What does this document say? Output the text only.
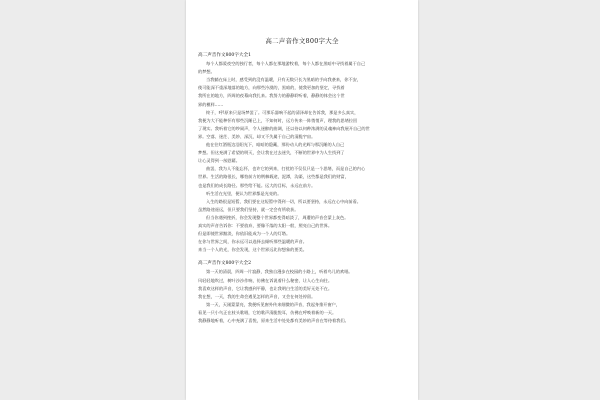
高二声音作文800字大全
高二声音作文800字大全1
每个人都爱夜空的独行者，每个人都在那地游牧着，每个人都在黑暗中寻找着属于自己
的梦想。
当我躺在床上时，感受到的没有温暖，只有无数只长为黑暗的手向我袭来，你不安，
使可能深不重深地落的地方，向那些冷漠的，黑暗的，使我更加的坚定，寻找着
我所在的地方，四周的夜幕向我扎来。我努力的静静聆听着，静静的体会这个世
界的模样……
终于，呼!原来只是场梦罢了。可那乐器响不起的清泽却在告诉我，那是多么真实，
我便为大不能种怀有那些沉睡已上，不知何时，远方传来一阵悄悄声，理我的思绪拉回
了现实。我听着它的吵闹声，令人迷醉的曲调，还以待以何种浓满的灵魂神向我展开自己的世
界。空落、迷茫、美妙、深沉，却又不失属于自己的清脆宇宙。
他在往红酒瓶边沿阳光下，暗暗的隐藏，那份动人的光辉与那沉睡的人自己
梦想。但这充满了希望的明灭，会让我在过去迷失，不断的世界中为人生找到了
让心灵得到一丝慰藉。
曲罢，我为人不能忘怀，也许它的到来，打扰的不仅仅只是一个思绪，而是自己的内心
世界。生活的路很长，哪怕前方的荆棘载途，泥潭，沟渠，这些都是我们的财富，
也是我们的成长路径。那些给不能。远大的目标，永远在前方。
听生活在光里，便认为世界都是光亮的。
入生的路很是短暂，我们要在这短暂中得到一切，所以要坚持，永远在心中向前看。
虽然路途遥远，但只要我们坚持，就一定会有所收获。
但当你遇到挫折，你会发现整个世界都变得暗淡了，周遭的声音会蒙上灰色。
真实的声音告诉你：不要放弃，要像不落的太阳一般，照亮自己的世界。
但是即使世界黯淡，你依旧能成为一个人的灯塔。
在你与世界之间，你永远可以选择去倾听那些温暖的声音。
来当一个人的光，你会发现，这个世界远比你想象的要美。
高二声音作文800字大全2
第一天的清晨，四周一片寂静，我独自漫步在校园的小路上，听着鸟儿的欢唱。
风轻轻地吹过，树叶沙沙作响，仿佛在诉说着什么秘密，让人心生向往。
我喜欢这样的声音，它让我感到平静，也让我明白生活的美好无处不在。
我在想，一天，我的生命会遇见怎样的声音，又会在何处停留。
第一天，天刚蒙蒙亮，我便听见窗外传来细微的声音，我起身推开窗户，
看见一只小鸟正在枝头歌唱，它的歌声清脆悦耳，仿佛在呼唤着新的一天。
我静静地听着，心中充满了喜悦，原来生活中处处都有美妙的声音在等待着我们。
